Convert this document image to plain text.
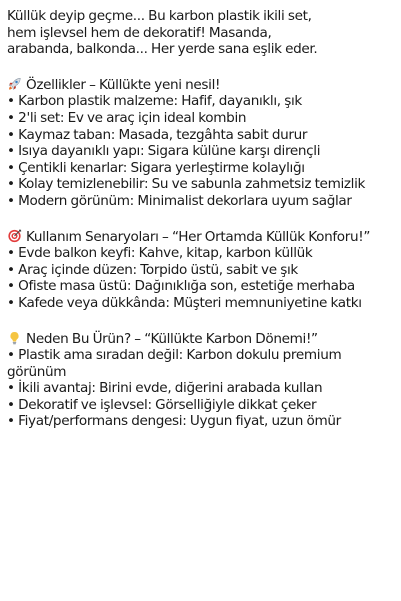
Küllük deyip geçme... Bu karbon plastik ikili set,
hem işlevsel hem de dekoratif! Masanda,
arabanda, balkonda... Her yerde sana eşlik eder.

Özellikler – Küllükte yeni nesil!
• Karbon plastik malzeme: Hafif, dayanıklı, şık
• 2'li set: Ev ve araç için ideal kombin
• Kaymaz taban: Masada, tezgâhta sabit durur
• Isıya dayanıklı yapı: Sigara külüne karşı dirençli
• Çentikli kenarlar: Sigara yerleştirme kolaylığı
• Kolay temizlenebilir: Su ve sabunla zahmetsiz temizlik
• Modern görünüm: Minimalist dekorlara uyum sağlar
Kullanım Senaryoları – “Her Ortamda Küllük Konforu!”
• Evde balkon keyfi: Kahve, kitap, karbon küllük
• Araç içinde düzen: Torpido üstü, sabit ve şık
• Ofiste masa üstü: Dağınıklığa son, estetiğe merhaba
• Kafede veya dükkânda: Müşteri memnuniyetine katkı
Neden Bu Ürün? – “Küllükte Karbon Dönemi!”
• Plastik ama sıradan değil: Karbon dokulu premium görünüm
• İkili avantaj: Birini evde, diğerini arabada kullan
• Dekoratif ve işlevsel: Görselliğiyle dikkat çeker
• Fiyat/performans dengesi: Uygun fiyat, uzun ömür
